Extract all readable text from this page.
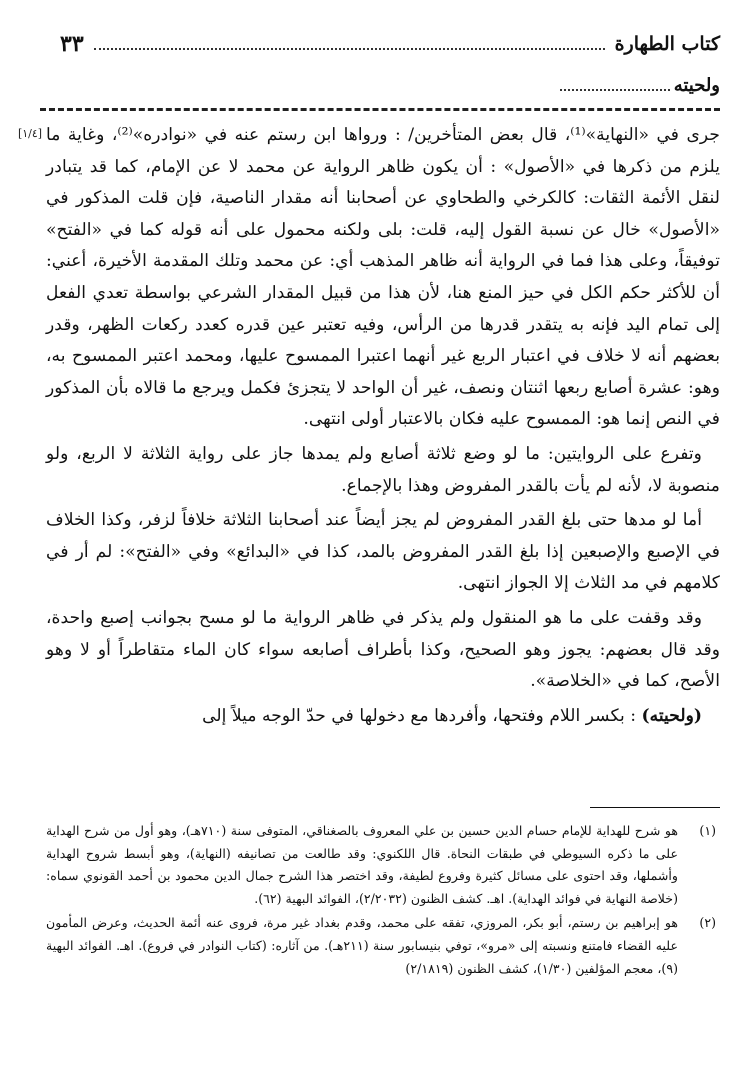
كتاب الطهارة
٣٣
ولحيته
[١/٤]	جرى في «النهاية»⁽¹⁾، قال بعض المتأخرين/ : ورواها ابن رستم عنه في «نوادره»⁽²⁾، وغاية ما يلزم من ذكرها في «الأصول» : أن يكون ظاهر الرواية عن محمد لا عن الإمام، كما قد يتبادر لنقل الأئمة الثقات: كالكرخي والطحاوي عن أصحابنا أنه مقدار الناصية، فإن قلت المذكور في «الأصول» خال عن نسبة القول إليه، قلت: بلى ولكنه محمول على أنه قوله كما في «الفتح» توفيقاً، وعلى هذا فما في الرواية أنه ظاهر المذهب أي: عن محمد وتلك المقدمة الأخيرة، أعني: أن للأكثر حكم الكل في حيز المنع هنا، لأن هذا من قبيل المقدار الشرعي بواسطة تعدي الفعل إلى تمام اليد فإنه به يتقدر قدرها من الرأس، وفيه تعتبر عين قدره كعدد ركعات الظهر، وقدر بعضهم أنه لا خلاف في اعتبار الربع غير أنهما اعتبرا الممسوح عليها، ومحمد اعتبر الممسوح به، وهو: عشرة أصابع ربعها اثنتان ونصف، غير أن الواحد لا يتجزئ فكمل ويرجع ما قالاه بأن المذكور في النص إنما هو: الممسوح عليه فكان بالاعتبار أولى انتهى.

وتفرع على الروايتين: ما لو وضع ثلاثة أصابع ولم يمدها جاز على رواية الثلاثة لا الربع، ولو منصوبة لا، لأنه لم يأت بالقدر المفروض وهذا بالإجماع.

أما لو مدها حتى بلغ القدر المفروض لم يجز أيضاً عند أصحابنا الثلاثة خلافاً لزفر، وكذا الخلاف في الإصبع والإصبعين إذا بلغ القدر المفروض بالمد، كذا في «البدائع» وفي «الفتح»: لم أر في كلامهم في مد الثلاث إلا الجواز انتهى.

وقد وقفت على ما هو المنقول ولم يذكر في ظاهر الرواية ما لو مسح بجوانب إصبع واحدة، وقد قال بعضهم: يجوز وهو الصحيح، وكذا بأطراف أصابعه سواء كان الماء متقاطراً أو لا وهو الأصح، كما في «الخلاصة».

(ولحيته) : بكسر اللام وفتحها، وأفردها مع دخولها في حدّ الوجه ميلاً إلى

(١)

هو شرح للهداية للإمام حسام الدين حسين بن علي المعروف بالصغناقي، المتوفى سنة (٧١٠هـ)، وهو أول من شرح الهداية على ما ذكره السيوطي في طبقات النحاة. قال اللكنوي: وقد طالعت من تصانيفه (النهاية)، وهو أبسط شروح الهداية وأشملها، وقد احتوى على مسائل كثيرة وفروع لطيفة، وقد اختصر هذا الشرح جمال الدين محمود بن أحمد القونوي سماه: (خلاصة النهاية في فوائد الهداية). اهـ. كشف الظنون (٢/٢٠٣٢)، الفوائد البهية (٦٢).

(٢)

هو إبراهيم بن رستم، أبو بكر، المروزي، تفقه على محمد، وقدم بغداد غير مرة، فروى عنه أئمة الحديث، وعرض المأمون عليه القضاء فامتنع ونسبته إلى «مرو»، توفي بنيسابور سنة (٢١١هـ). من آثاره: (كتاب النوادر في فروع). اهـ. الفوائد البهية (٩)، معجم المؤلفين (١/٣٠)، كشف الظنون (٢/١٨١٩)
